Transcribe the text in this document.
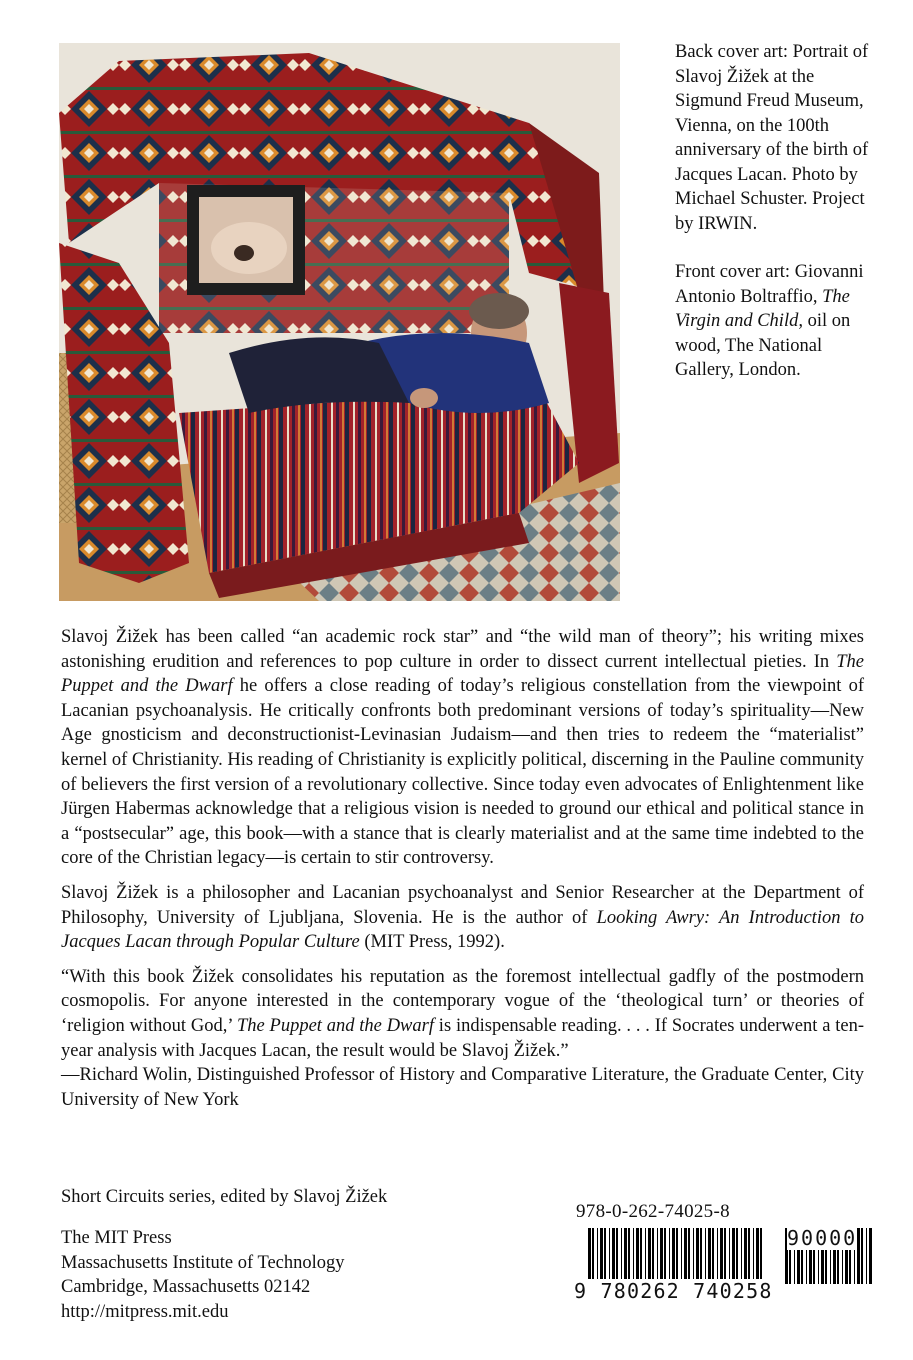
Back cover art: Portrait of Slavoj Žižek at the Sigmund Freud Museum, Vienna, on the 100th anniversary of the birth of Jacques Lacan. Photo by Michael Schuster. Project by IRWIN.

Front cover art: Giovanni Antonio Boltraffio, The Virgin and Child, oil on wood, The National Gallery, London.

Slavoj Žižek has been called “an academic rock star” and “the wild man of theory”; his writing mixes astonishing erudition and references to pop culture in order to dissect current intellectual pieties. In The Puppet and the Dwarf he offers a close reading of today’s religious constellation from the viewpoint of Lacanian psychoanalysis. He critically confronts both predominant versions of today’s spirituality—New Age gnosticism and deconstructionist-Levinasian Judaism—and then tries to redeem the “materialist” kernel of Christianity. His reading of Christianity is explicitly political, discerning in the Pauline community of believers the first version of a revolutionary collective. Since today even advocates of Enlightenment like Jürgen Habermas acknowledge that a religious vision is needed to ground our ethical and political stance in a “postsecular” age, this book—with a stance that is clearly materialist and at the same time indebted to the core of the Christian legacy—is certain to stir controversy.

Slavoj Žižek is a philosopher and Lacanian psychoanalyst and Senior Researcher at the Department of Philosophy, University of Ljubljana, Slovenia. He is the author of Looking Awry: An Introduction to Jacques Lacan through Popular Culture (MIT Press, 1992).

“With this book Žižek consolidates his reputation as the foremost intellectual gadfly of the postmodern cosmopolis. For anyone interested in the contemporary vogue of the ‘theological turn’ or theories of ‘religion without God,’ The Puppet and the Dwarf is indispensable reading. . . . If Socrates underwent a ten-year analysis with Jacques Lacan, the result would be Slavoj Žižek.”

—Richard Wolin, Distinguished Professor of History and Comparative Literature, the Graduate Center, City University of New York

Short Circuits series, edited by Slavoj Žižek
The MIT Press
Massachusetts Institute of Technology
Cambridge, Massachusetts 02142
http://mitpress.mit.edu
978-0-262-74025-8
9 780262 740258
90000
